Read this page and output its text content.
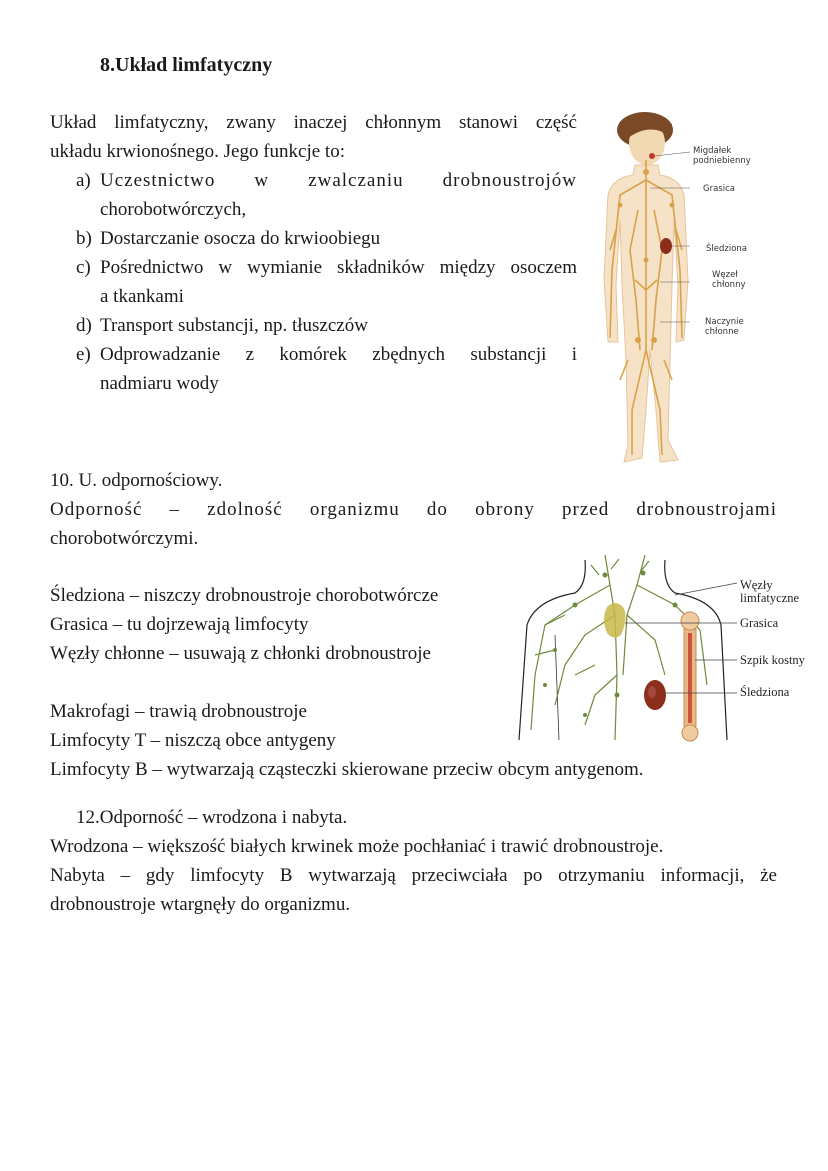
8.Układ limfatyczny
Układ limfatyczny, zwany inaczej chłonnym stanowi część
układu krwionośnego. Jego funkcje to:
a) Uczestnictwo w zwalczaniu drobnoustrojów
chorobotwórczych,
b) Dostarczanie osocza do krwioobiegu
c) Pośrednictwo w wymianie składników między osoczem
a tkankami
d) Transport substancji, np. tłuszczów
e) Odprowadzanie z komórek zbędnych substancji i
nadmiaru wody
Migdałek
podniebienny
Grasica
Śledziona
Węzeł
chłonny
Naczynie
chłonne
10. U. odpornościowy.
Odporność – zdolność organizmu do obrony przed drobnoustrojami
chorobotwórczymi.
Śledziona – niszczy drobnoustroje chorobotwórcze
Grasica – tu dojrzewają limfocyty
Węzły chłonne – usuwają z chłonki drobnoustroje
Makrofagi – trawią drobnoustroje
Limfocyty T – niszczą obce antygeny
Limfocyty B – wytwarzają cząsteczki skierowane przeciw obcym antygenom.
Węzły
limfatyczne
Grasica
Szpik kostny
Śledziona
12.Odporność – wrodzona i nabyta.
Wrodzona – większość białych krwinek może pochłaniać i trawić drobnoustroje.
Nabyta – gdy limfocyty B wytwarzają przeciwciała po otrzymaniu informacji, że
drobnoustroje wtargnęły do organizmu.
